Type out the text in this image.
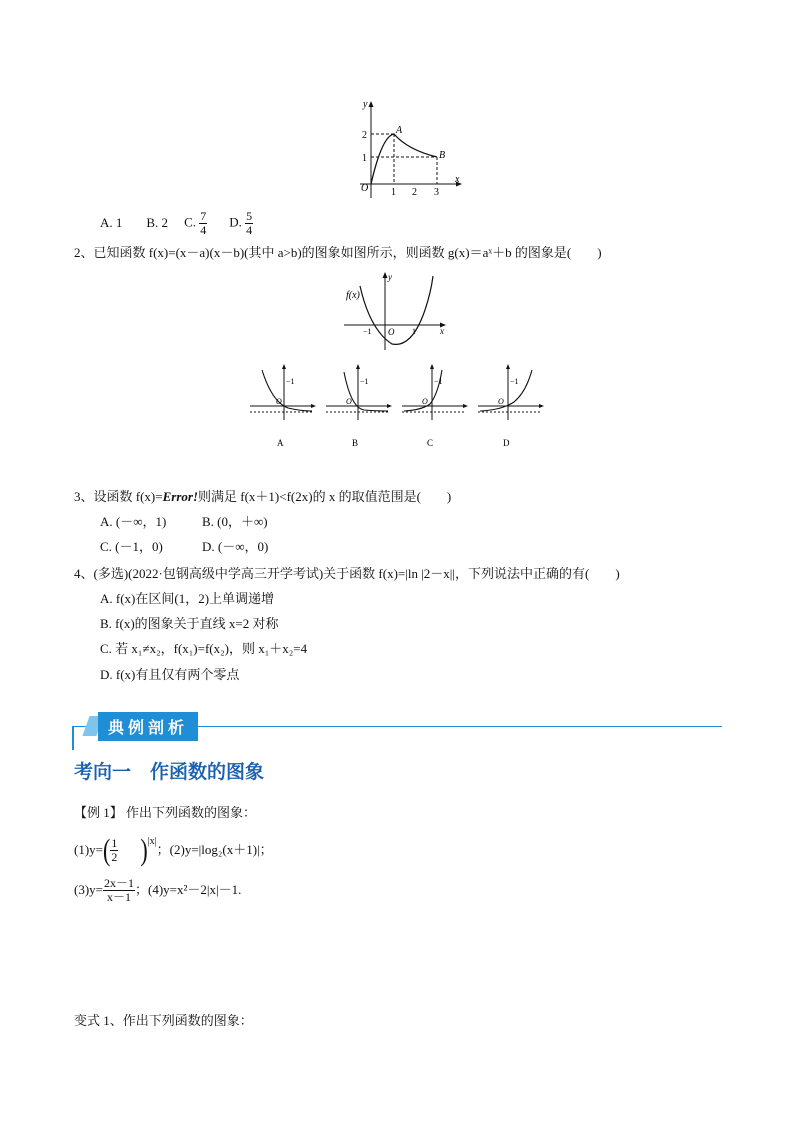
y
x
O
A
B
2
1
1 2 3
A. 1 B. 2 C. $\frac{7}{4} D$. $\frac{5}{4}$
2、已知函数 f(x)=(x－a)(x－b)(其中 a>b)的图象如图所示，则函数 g(x)＝aˣ＋b 的图象是(　　)
f(x)
y
x
−1 O 1
−1
O
A
−1
O
B
−1
O
C
−1
O
D
3、设函数 f(x)=Error!则满足 f(x＋1)<f(2x)的 x 的取值范围是(　　)
A. (－∞，1)	B. (0，＋∞)
C. (－1，0)	D. (－∞，0)
4、(多选)(2022·包钢高级中学高三开学考试)关于函数 f(x)=|ln |2－x||，下列说法中正确的有(　　)
A. f(x)在区间(1，2)上单调递增
B. f(x)的图象关于直线 x=2 对称
C. 若 x₁≠x₂，f(x₁)=f(x₂)，则 x₁＋x₂=4
D. f(x)有且仅有两个零点
典例剖析
考向一　作函数的图象
【例 1】 作出下列函数的图象：
(1)y= ( $\frac{1}{2} )^{|x|}$
；(2)y=|log₂(x＋1)|；
$(3)y= \frac{2x-1}{x-1}$ ；(4)y=x²－2|x|－1.
变式 1、作出下列函数的图象：
